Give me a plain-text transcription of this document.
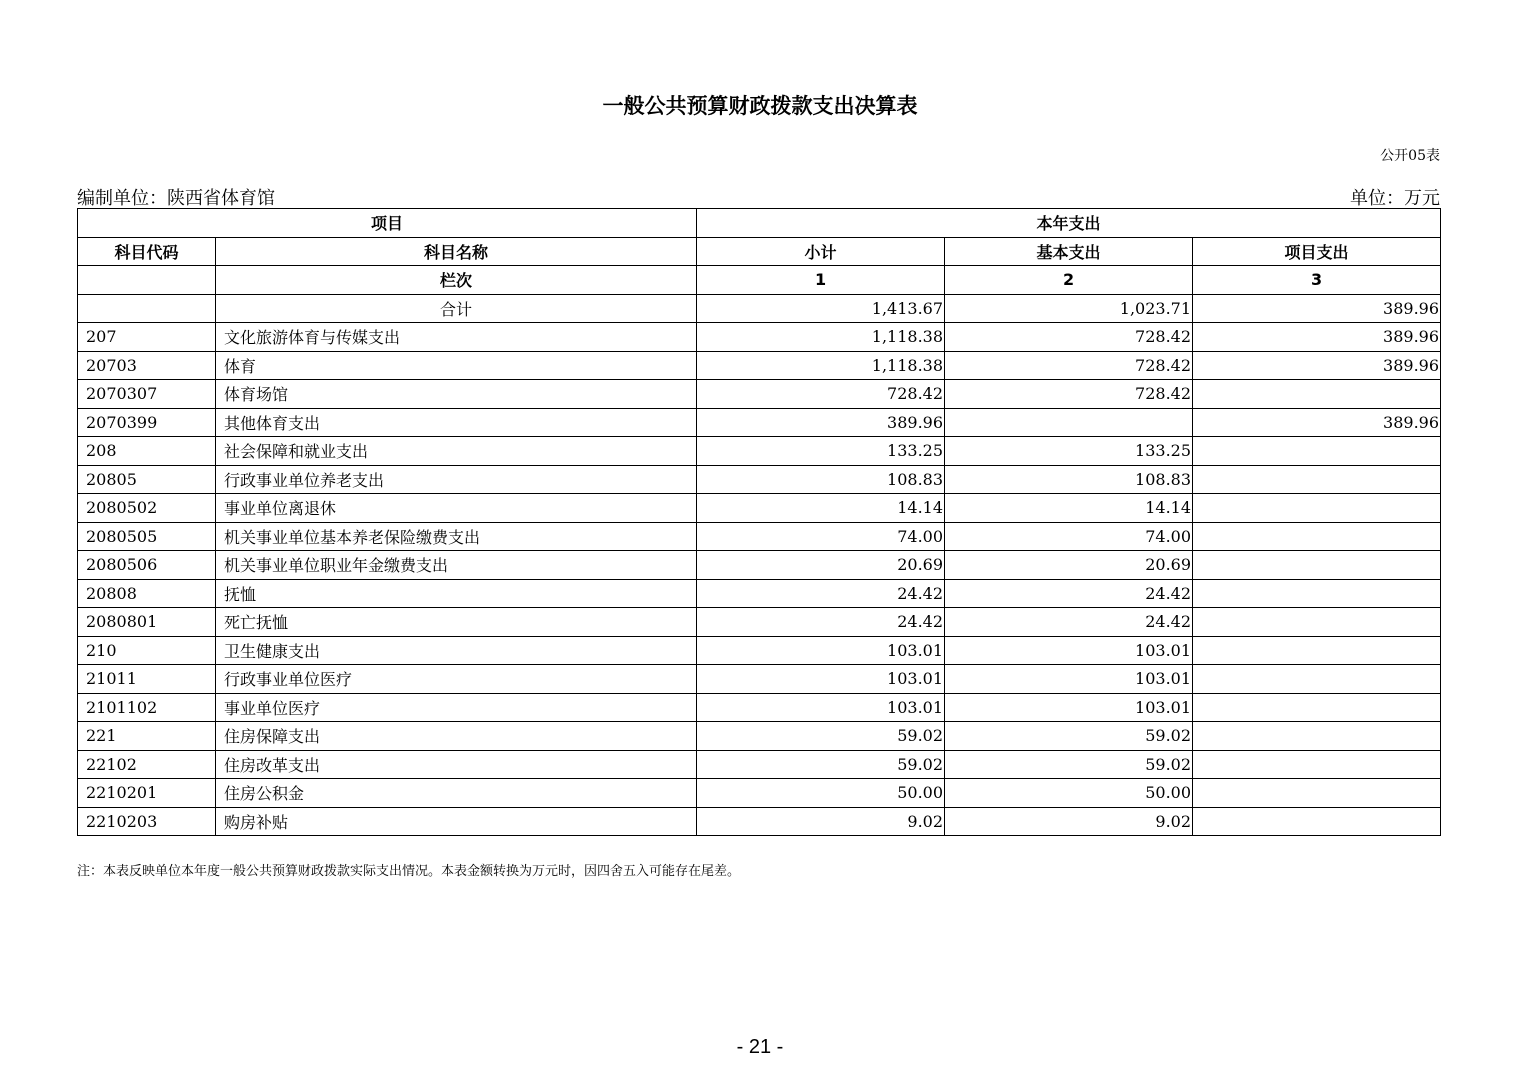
一般公共预算财政拨款支出决算表
公开05表
编制单位：陕西省体育馆	单位：万元
项目		本年支出		
科目代码	科目名称	小计	基本支出	项目支出
	栏次	1	2	3
	合计	1,413.67	1,023.71	389.96
207	文化旅游体育与传媒支出	1,118.38	728.42	389.96
20703	体育	1,118.38	728.42	389.96
2070307	体育场馆	728.42	728.42	
2070399	其他体育支出	389.96		389.96
208	社会保障和就业支出	133.25	133.25	
20805	行政事业单位养老支出	108.83	108.83	
2080502	事业单位离退休	14.14	14.14	
2080505	机关事业单位基本养老保险缴费支出	74.00	74.00	
2080506	机关事业单位职业年金缴费支出	20.69	20.69	
20808	抚恤	24.42	24.42	
2080801	死亡抚恤	24.42	24.42	
210	卫生健康支出	103.01	103.01	
21011	行政事业单位医疗	103.01	103.01	
2101102	事业单位医疗	103.01	103.01	
221	住房保障支出	59.02	59.02	
22102	住房改革支出	59.02	59.02	
2210201	住房公积金	50.00	50.00	
2210203	购房补贴	9.02	9.02	
注：本表反映单位本年度一般公共预算财政拨款实际支出情况。本表金额转换为万元时，因四舍五入可能存在尾差。
- 21 -
